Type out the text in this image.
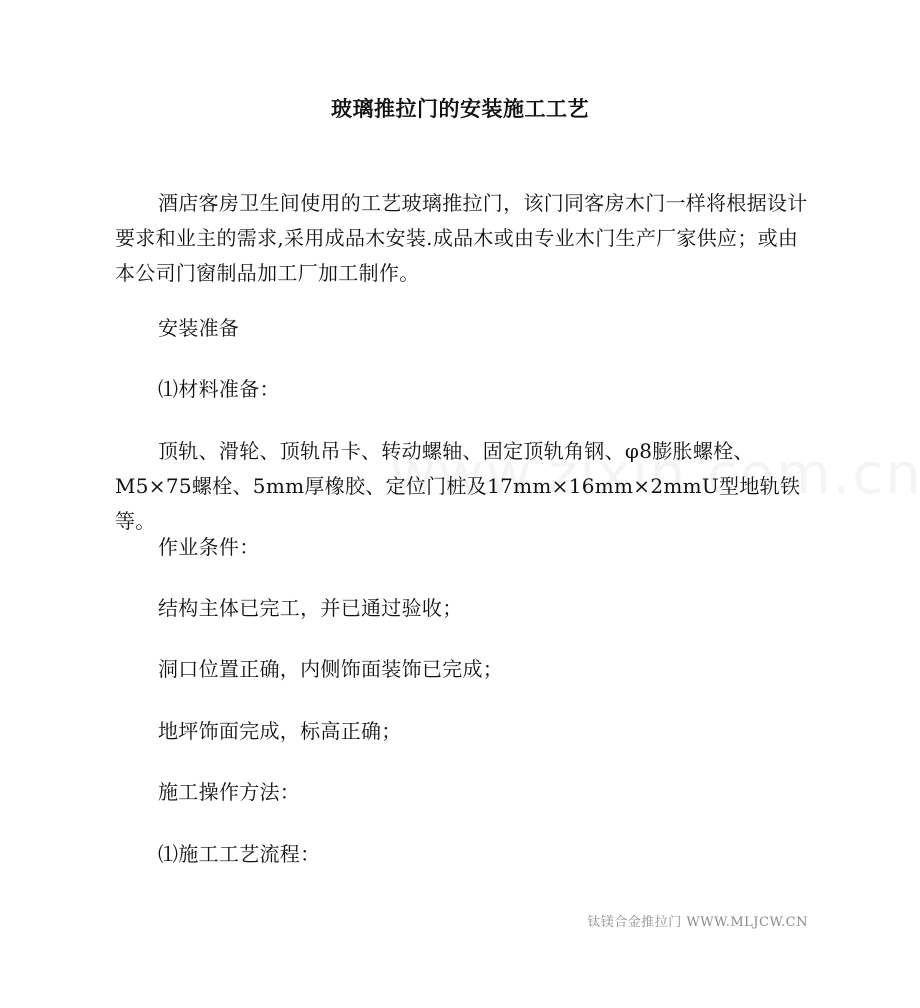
玻璃推拉门的安装施工工艺

酒店客房卫生间使用的工艺玻璃推拉门，该门同客房木门一样将根据设计要求和业主的需求,采用成品木安装.成品木或由专业木门生产厂家供应；或由本公司门窗制品加工厂加工制作。

安装准备

⑴材料准备：

顶轨、滑轮、顶轨吊卡、转动螺轴、固定顶轨角钢、φ8膨胀螺栓、M5×75螺栓、5mm厚橡胶、定位门桩及17mm×16mm×2mmU型地轨铁等。

作业条件：

结构主体已完工，并已通过验收；

洞口位置正确，内侧饰面装饰已完成；

地坪饰面完成，标高正确；

施工操作方法：

⑴施工工艺流程：

钛镁合金推拉门 WWW.MLJCW.CN
